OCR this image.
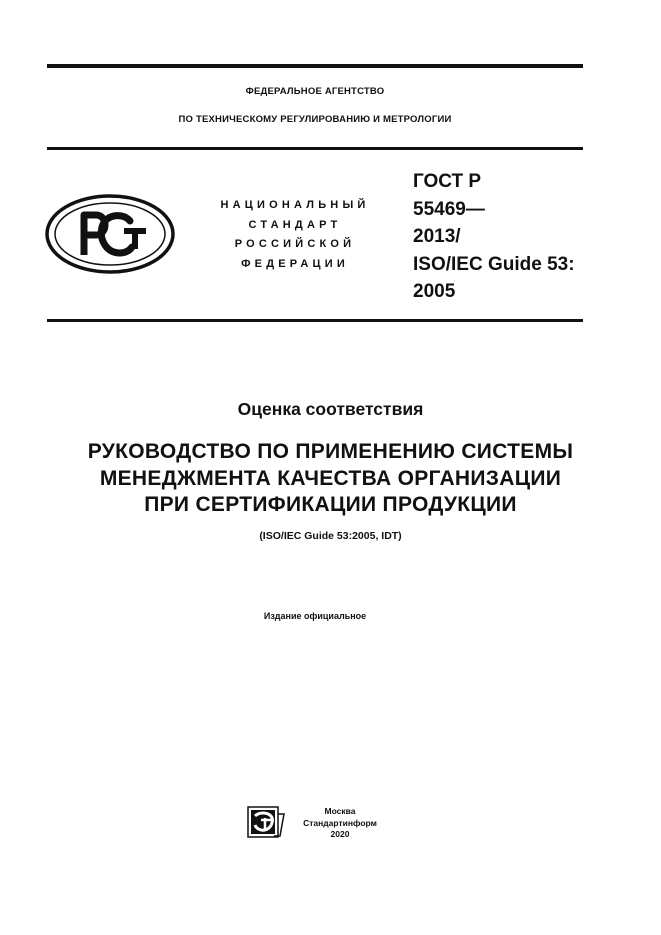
ФЕДЕРАЛЬНОЕ АГЕНТСТВО
ПО ТЕХНИЧЕСКОМУ РЕГУЛИРОВАНИЮ И МЕТРОЛОГИИ
НАЦИОНАЛЬНЫЙ
СТАНДАРТ
РОССИЙСКОЙ
ФЕДЕРАЦИИ
ГОСТ Р
55469—
2013/
ISO/IEC Guide 53:
2005
Оценка соответствия
РУКОВОДСТВО ПО ПРИМЕНЕНИЮ СИСТЕМЫ
МЕНЕДЖМЕНТА КАЧЕСТВА ОРГАНИЗАЦИИ
ПРИ СЕРТИФИКАЦИИ ПРОДУКЦИИ
(ISO/IEC Guide 53:2005, IDT)
Издание официальное
Москва
Стандартинформ
2020
